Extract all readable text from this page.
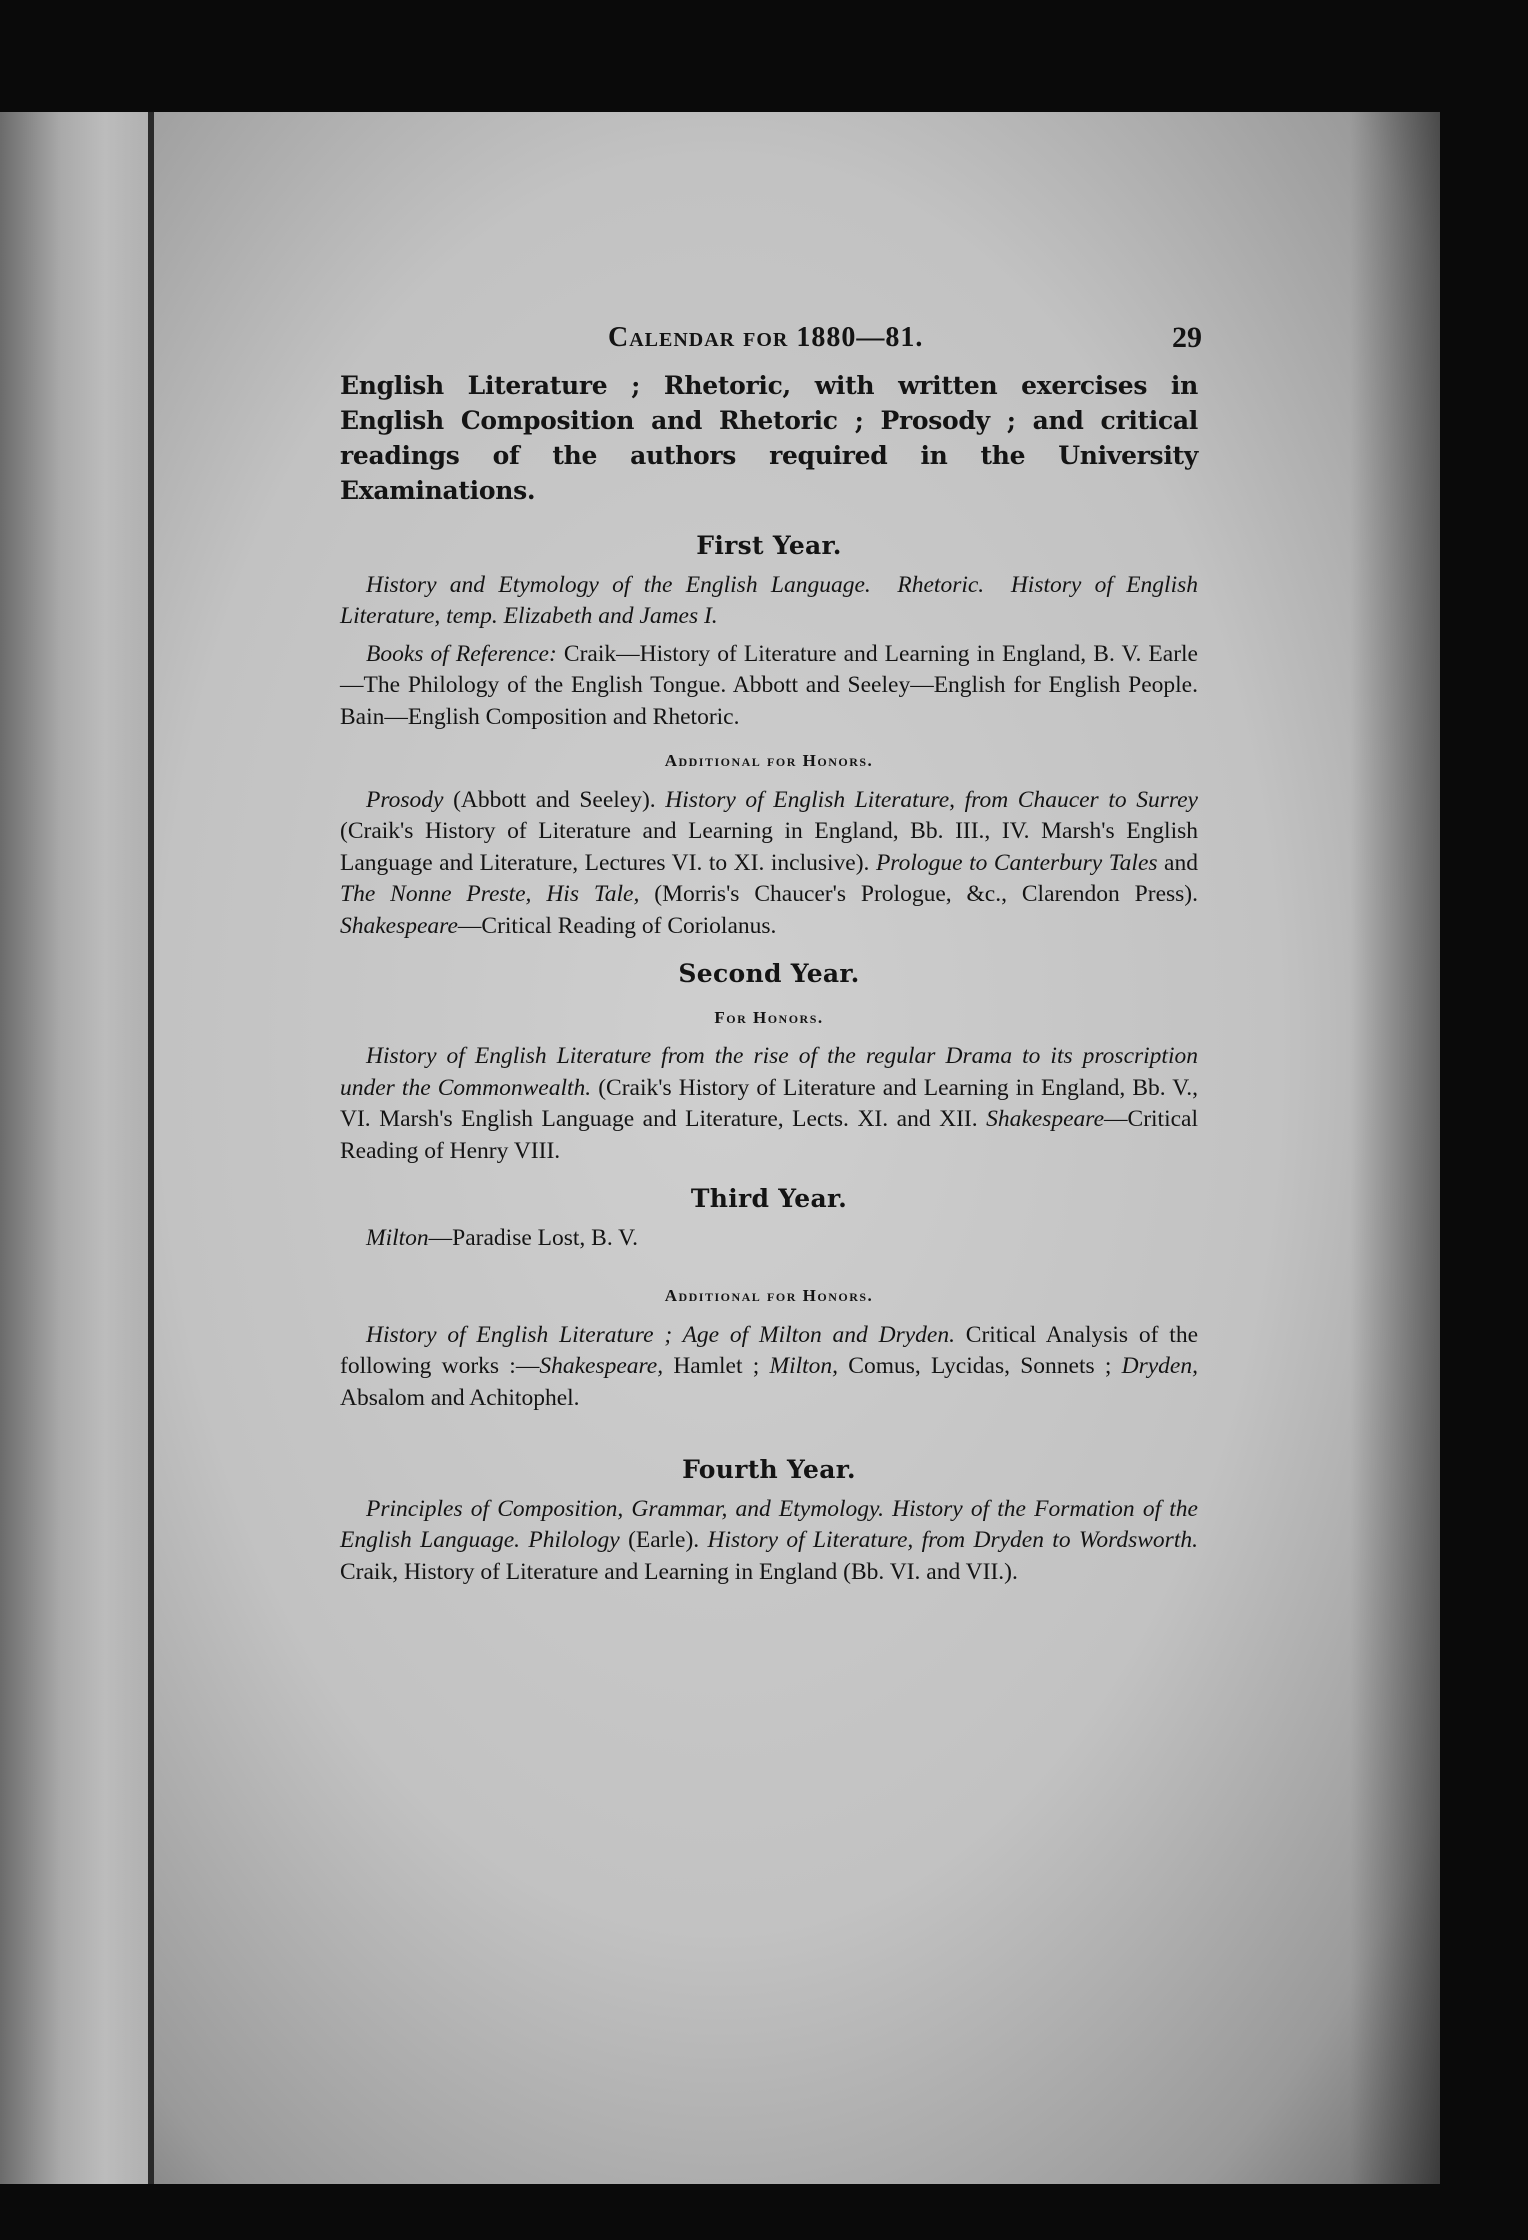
Calendar for 1880—81.	29

English Literature ; Rhetoric, with written exercises in English Composition and Rhetoric ; Prosody ; and critical readings of the authors required in the University Examinations.

First Year.

History and Etymology of the English Language. Rhetoric. History of English Literature, temp. Elizabeth and James I.

Books of Reference: Craik—History of Literature and Learning in England, B. V. Earle—The Philology of the English Tongue. Abbott and Seeley—English for English People. Bain—English Composition and Rhetoric.

Additional for Honors.

Prosody (Abbott and Seeley). History of English Literature, from Chaucer to Surrey (Craik's History of Literature and Learning in England, Bb. III., IV. Marsh's English Language and Literature, Lectures VI. to XI. inclusive). Prologue to Canterbury Tales and The Nonne Preste, His Tale, (Morris's Chaucer's Prologue, &c., Clarendon Press). Shakespeare—Critical Reading of Coriolanus.

Second Year.
For Honors.

History of English Literature from the rise of the regular Drama to its proscription under the Commonwealth. (Craik's History of Literature and Learning in England, Bb. V., VI. Marsh's English Language and Literature, Lects. XI. and XII. Shakespeare—Critical Reading of Henry VIII.

Third Year.

Milton—Paradise Lost, B. V.

Additional for Honors.

History of English Literature ; Age of Milton and Dryden. Critical Analysis of the following works :—Shakespeare, Hamlet ; Milton, Comus, Lycidas, Sonnets ; Dryden, Absalom and Achitophel.

Fourth Year.

Principles of Composition, Grammar, and Etymology. History of the Formation of the English Language. Philology (Earle). History of Literature, from Dryden to Wordsworth. Craik, History of Literature and Learning in England (Bb. VI. and VII.).
